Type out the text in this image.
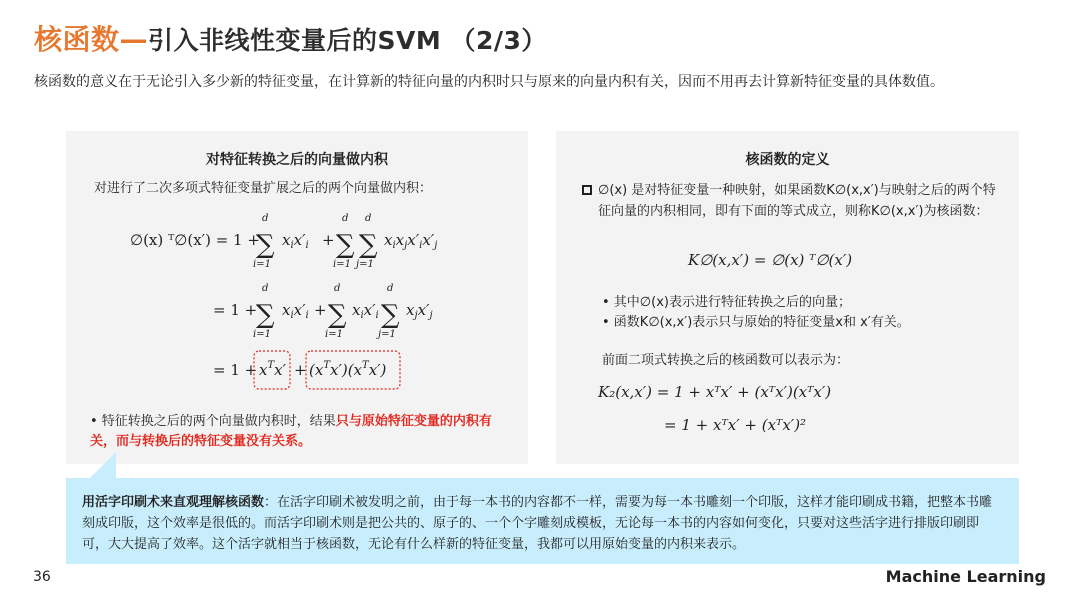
核函数—引入非线性变量后的SVM （2/3）

核函数的意义在于无论引入多少新的特征变量，在计算新的特征向量的内积时只与原来的向量内积有关，因而不用再去计算新特征变量的具体数值。

对特征转换之后的向量做内积

对进行了二次多项式特征变量扩展之后的两个向量做内积：

∅(x) ᵀ∅(x′) = 1 +
d
∑
i=1
$x_ix'_i$ +
d
∑
i=1
d
∑
j=1
$x_ix_jx'_ix'_j$
= 1 +
d
∑
i=1
$x_ix'_i$ +
d
∑
i=1
$x_ix'_i$
d
∑
j=1
$x_jx'_j$
= $1 + x^Tx' + (x^Tx')(x^Tx')$

• 特征转换之后的两个向量做内积时，结果只与原始特征变量的内积有关，而与转换后的特征变量没有关系。

核函数的定义

∅(x) 是对特征变量一种映射，如果函数K∅(x,x′)与映射之后的两个特征向量的内积相同，即有下面的等式成立，则称K∅(x,x′)为核函数：

K∅(x,x′) = ∅(x) ᵀ∅(x′)

• 其中∅(x)表示进行特征转换之后的向量；

• 函数K∅(x,x′)表示只与原始的特征变量x和 x′有关。

前面二项式转换之后的核函数可以表示为：

K₂(x,x′) = 1 + xᵀx′ + (xᵀx′)(xᵀx′)

= 1 + xᵀx′ + (xᵀx′)²

用活字印刷术来直观理解核函数：在活字印刷术被发明之前，由于每一本书的内容都不一样，需要为每一本书雕刻一个印版，这样才能印刷成书籍，把整本书雕刻成印版，这个效率是很低的。而活字印刷术则是把公共的、原子的、一个个字雕刻成模板，无论每一本书的内容如何变化，只要对这些活字进行排版印刷即可，大大提高了效率。这个活字就相当于核函数，无论有什么样新的特征变量，我都可以用原始变量的内积来表示。

36	Machine Learning
